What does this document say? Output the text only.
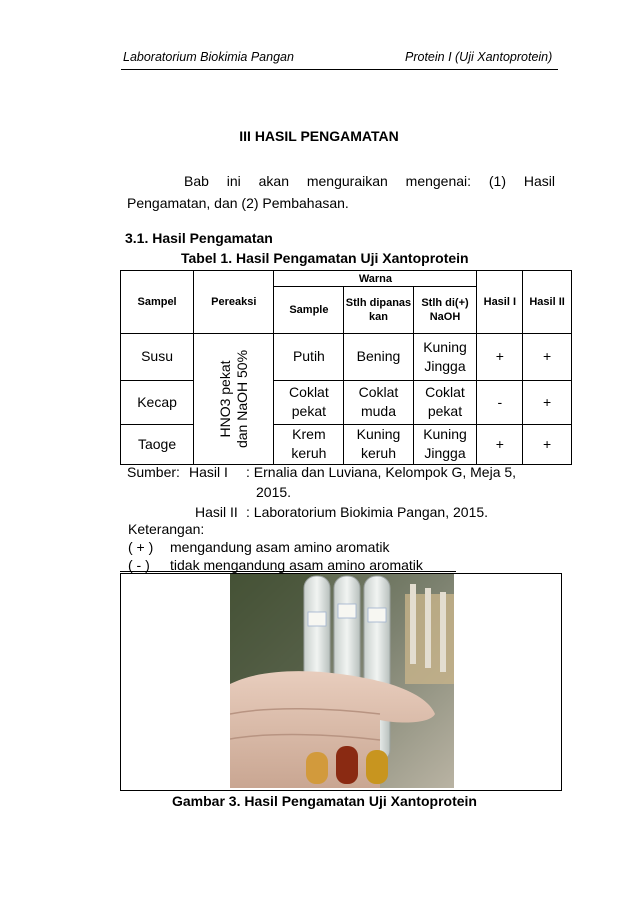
Laboratorium Biokimia Pangan	Protein I (Uji Xantoprotein)
III HASIL PENGAMATAN
Bab ini akan menguraikan mengenai: (1) Hasil
Pengamatan, dan (2) Pembahasan.
3.1. Hasil Pengamatan
Tabel 1. Hasil Pengamatan Uji Xantoprotein
Sampel	Pereaksi	Warna			Hasil I	Hasil II
		Sample	Stlh dipanas kan	Stlh di(+) NaOH		
Susu	HNO3 pekat dan NaOH 50%	Putih	Bening	Kuning Jingga	+	+
Kecap		Coklat pekat	Coklat muda	Coklat pekat	-	+
Taoge		Krem keruh	Kuning keruh	Kuning Jingga	+	+
Sumber: Hasil I : Ernalia dan Luviana, Kelompok G, Meja 5,
2015.
Hasil II : Laboratorium Biokimia Pangan, 2015.
Keterangan:
( + ) mengandung asam amino aromatik
( - ) tidak mengandung asam amino aromatik
Gambar 3. Hasil Pengamatan Uji Xantoprotein
